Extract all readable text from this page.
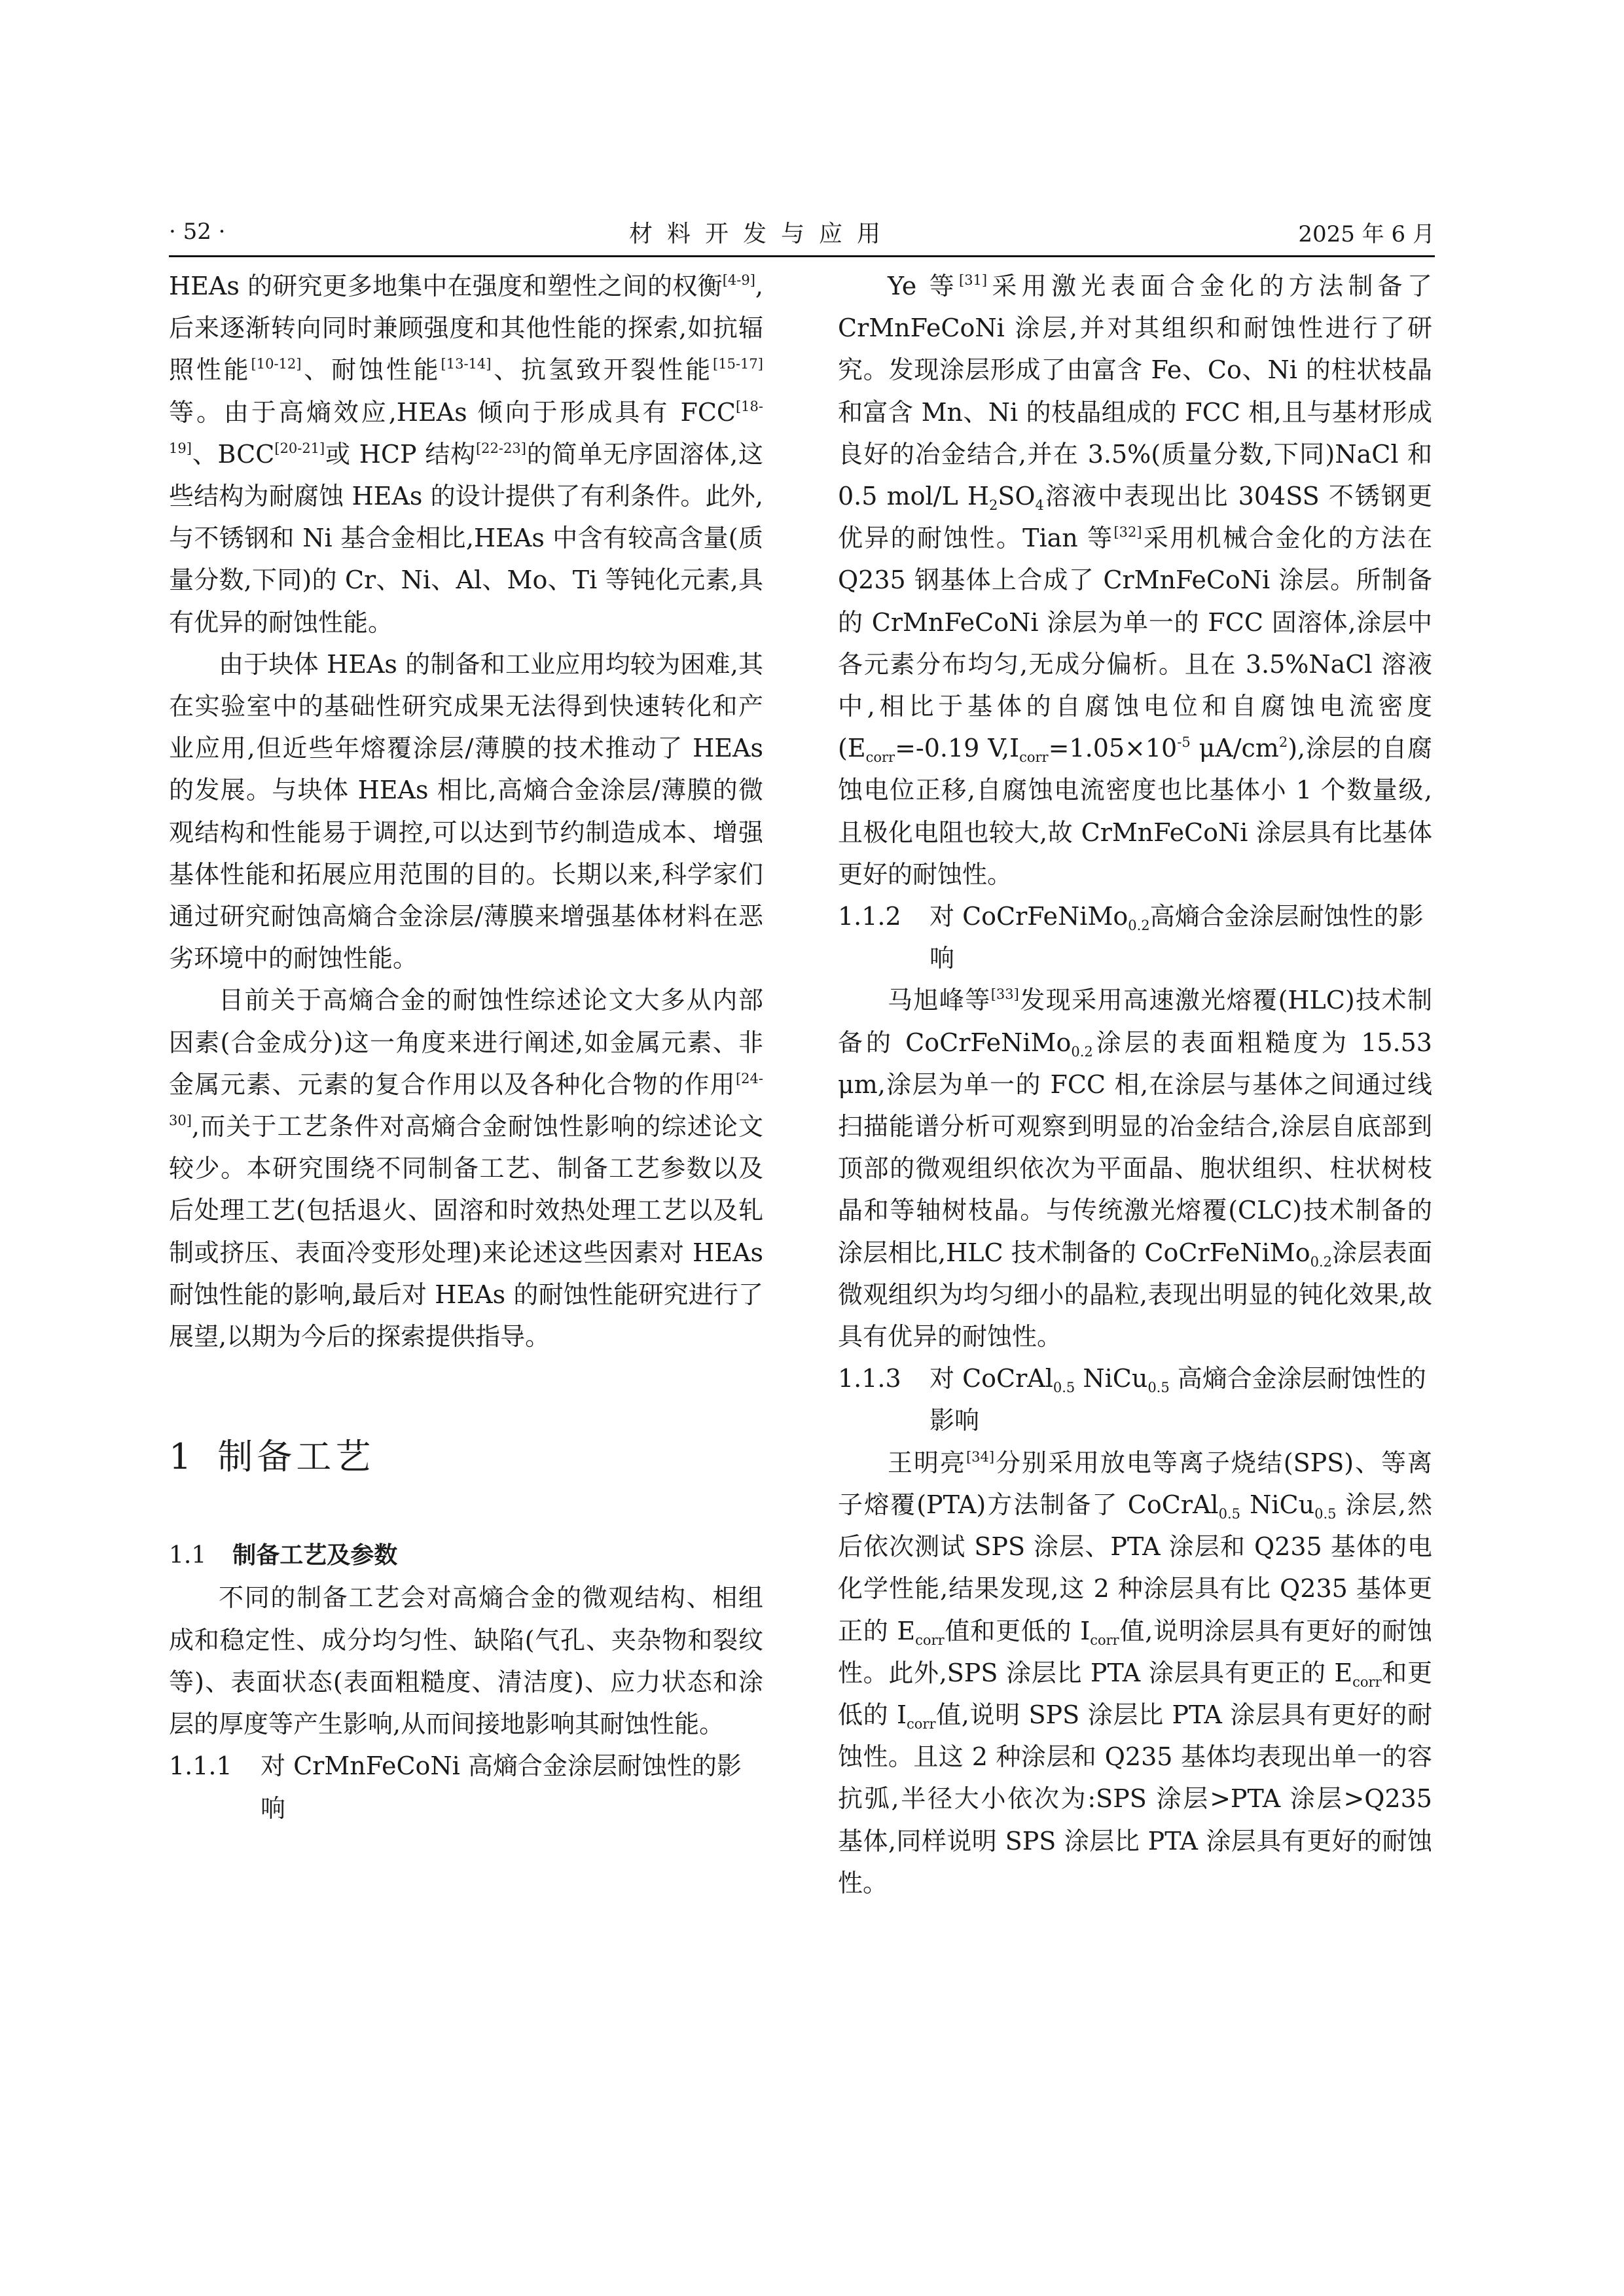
· 52 ·	材料开发与应用	2025 年 6 月

HEAs 的研究更多地集中在强度和塑性之间的权衡[4-9],后来逐渐转向同时兼顾强度和其他性能的探索,如抗辐照性能[10-12]、耐蚀性能[13-14]、抗氢致开裂性能[15-17]等。由于高熵效应,HEAs 倾向于形成具有 FCC[18-19]、BCC[20-21]或 HCP 结构[22-23]的简单无序固溶体,这些结构为耐腐蚀 HEAs 的设计提供了有利条件。此外,与不锈钢和 Ni 基合金相比,HEAs 中含有较高含量(质量分数,下同)的 Cr、Ni、Al、Mo、Ti 等钝化元素,具有优异的耐蚀性能。

由于块体 HEAs 的制备和工业应用均较为困难,其在实验室中的基础性研究成果无法得到快速转化和产业应用,但近些年熔覆涂层/薄膜的技术推动了 HEAs 的发展。与块体 HEAs 相比,高熵合金涂层/薄膜的微观结构和性能易于调控,可以达到节约制造成本、增强基体性能和拓展应用范围的目的。长期以来,科学家们通过研究耐蚀高熵合金涂层/薄膜来增强基体材料在恶劣环境中的耐蚀性能。

目前关于高熵合金的耐蚀性综述论文大多从内部因素(合金成分)这一角度来进行阐述,如金属元素、非金属元素、元素的复合作用以及各种化合物的作用[24-30],而关于工艺条件对高熵合金耐蚀性影响的综述论文较少。本研究围绕不同制备工艺、制备工艺参数以及后处理工艺(包括退火、固溶和时效热处理工艺以及轧制或挤压、表面冷变形处理)来论述这些因素对 HEAs 耐蚀性能的影响,最后对 HEAs 的耐蚀性能研究进行了展望,以期为今后的探索提供指导。

1 制备工艺
1.1 制备工艺及参数

不同的制备工艺会对高熵合金的微观结构、相组成和稳定性、成分均匀性、缺陷(气孔、夹杂物和裂纹等)、表面状态(表面粗糙度、清洁度)、应力状态和涂层的厚度等产生影响,从而间接地影响其耐蚀性能。

1.1.1	对 CrMnFeCoNi 高熵合金涂层耐蚀性的影响

Ye 等[31]采用激光表面合金化的方法制备了 CrMnFeCoNi 涂层,并对其组织和耐蚀性进行了研究。发现涂层形成了由富含 Fe、Co、Ni 的柱状枝晶和富含 Mn、Ni 的枝晶组成的 FCC 相,且与基材形成良好的冶金结合,并在 3.5%(质量分数,下同)NaCl 和 0.5 mol/L $H_2SO_4$溶液中表现出比 304SS 不锈钢更优异的耐蚀性。Tian 等[32]采用机械合金化的方法在 Q235 钢基体上合成了 CrMnFeCoNi 涂层。所制备的 CrMnFeCoNi 涂层为单一的 FCC 固溶体,涂层中各元素分布均匀,无成分偏析。且在 3.5%NaCl 溶液中,相比于基体的自腐蚀电位和自腐蚀电流密度($E_{corr}=-0.19$ $V,I_{corr}=1.05\times 10^{-5}$ $\mu A/cm^2$),涂层的自腐蚀电位正移,自腐蚀电流密度也比基体小 1 个数量级,且极化电阻也较大,故 CrMnFeCoNi 涂层具有比基体更好的耐蚀性。

1.1.2	对 CoCrFeNiMo$_{0.2}$高熵合金涂层耐蚀性的影响

马旭峰等[33]发现采用高速激光熔覆(HLC)技术制备的 CoCrFeNiMo$_{0.2}$涂层的表面粗糙度为 15.53 μm,涂层为单一的 FCC 相,在涂层与基体之间通过线扫描能谱分析可观察到明显的冶金结合,涂层自底部到顶部的微观组织依次为平面晶、胞状组织、柱状树枝晶和等轴树枝晶。与传统激光熔覆(CLC)技术制备的涂层相比,HLC 技术制备的 CoCrFeNiMo$_{0.2}$涂层表面微观组织为均匀细小的晶粒,表现出明显的钝化效果,故具有优异的耐蚀性。

1.1.3	对 CoCrAl$_{0.5}$ NiCu$_{0.5}$ 高熵合金涂层耐蚀性的影响

王明亮[34]分别采用放电等离子烧结(SPS)、等离子熔覆(PTA)方法制备了 CoCrAl$_{0.5}$ NiCu$_{0.5}$ 涂层,然后依次测试 SPS 涂层、PTA 涂层和 Q235 基体的电化学性能,结果发现,这 2 种涂层具有比 Q235 基体更正的 $E_{corr}$值和更低的 $I_{corr}$值,说明涂层具有更好的耐蚀性。此外,SPS 涂层比 PTA 涂层具有更正的 $E_{corr}$和更低的 $I_{corr}$值,说明 SPS 涂层比 PTA 涂层具有更好的耐蚀性。且这 2 种涂层和 Q235 基体均表现出单一的容抗弧,半径大小依次为:SPS 涂层>PTA 涂层>Q235 基体,同样说明 SPS 涂层比 PTA 涂层具有更好的耐蚀性。
